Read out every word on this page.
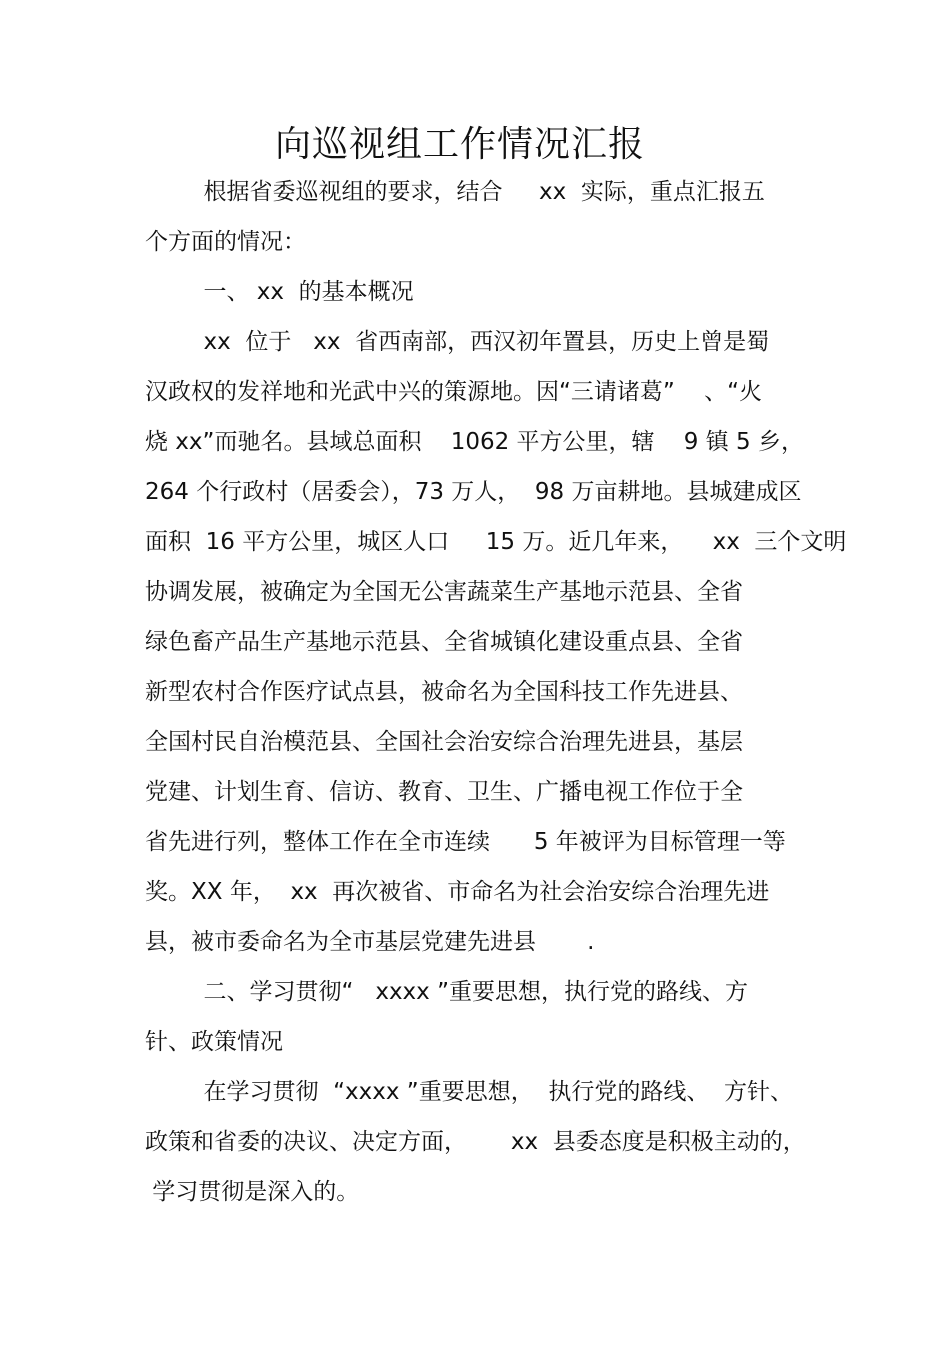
向巡视组工作情况汇报
根据省委巡视组的要求，结合     xx  实际，重点汇报五
个方面的情况：
一、 xx  的基本概况
xx  位于   xx  省西南部，西汉初年置县，历史上曾是蜀
汉政权的发祥地和光武中兴的策源地。因“三请诸葛”    、“火
烧 xx”而驰名。县域总面积    1062 平方公里，辖    9 镇 5 乡，
264 个行政村（居委会），73 万人，  98 万亩耕地。县城建成区
面积  16 平方公里，城区人口     15 万。近几年来，    xx  三个文明
协调发展，被确定为全国无公害蔬菜生产基地示范县、全省
绿色畜产品生产基地示范县、全省城镇化建设重点县、全省
新型农村合作医疗试点县，被命名为全国科技工作先进县、
全国村民自治模范县、全国社会治安综合治理先进县，基层
党建、计划生育、信访、教育、卫生、广播电视工作位于全
省先进行列，整体工作在全市连续      5 年被评为目标管理一等
奖。XX 年，  xx  再次被省、市命名为社会治安综合治理先进
县，被市委命名为全市基层党建先进县       .
二、学习贯彻“   xxxx ”重要思想，执行党的路线、方
针、政策情况
在学习贯彻  “xxxx ”重要思想，  执行党的路线、  方针、
政策和省委的决议、决定方面，      xx  县委态度是积极主动的，
学习贯彻是深入的。
